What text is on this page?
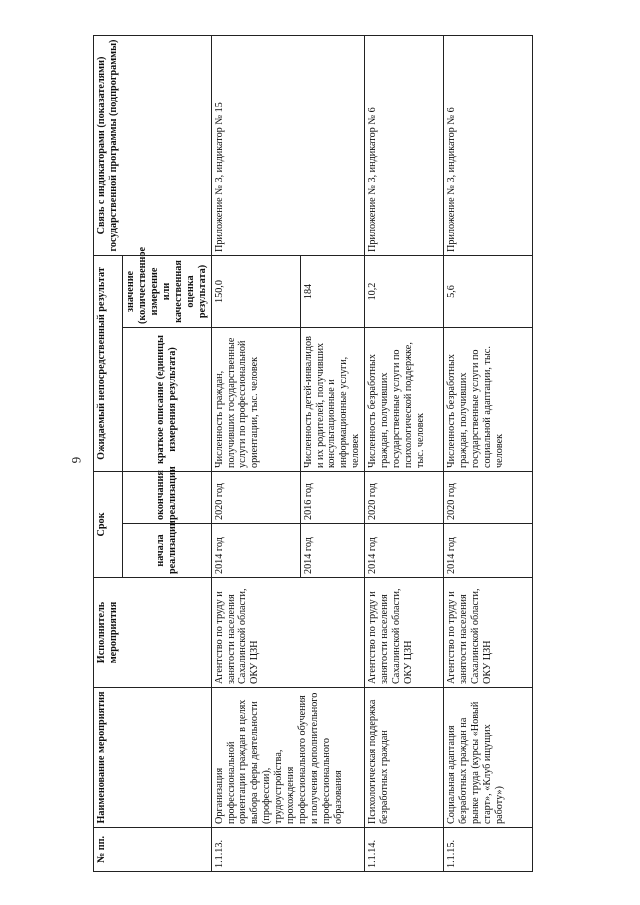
6
№ пп.	Наименование мероприятия	Исполнитель мероприятия	Срок		Ожидаемый непосредственный результат		Связь с индикаторами (показателями) государственной программы (подпрограммы)
			начала реализации	окончания реализации	краткое описание (единицы измерения результата)	значение (количественное измерение или качественная оценка результата)	
1.1.13.	Организация профессиональной ориентации граждан в целях выбора сферы деятельности (профессии), трудоустройства, прохождения профессионального обучения и получения дополнительного профессионального образования	Агентство по труду и занятости населения Сахалинской области, ОКУ ЦЗН	2014 год	2020 год	Численность граждан, получивших государственные услуги по профессиональной ориентации, тыс. человек	150,0	Приложение № 3, индикатор № 15
			2014 год	2016 год	Численность детей-инвалидов и их родителей, получивших консультационные и информационные услуги, человек	184	
1.1.14.	Психологическая поддержка безработных граждан	Агентство по труду и занятости населения Сахалинской области, ОКУ ЦЗН	2014 год	2020 год	Численность безработных граждан, получивших государственные услуги по психологической поддержке, тыс. человек	10,2	Приложение № 3, индикатор № 6
1.1.15.	Социальная адаптация безработных граждан на рынке труда (курсы «Новый старт», «Клуб ищущих работу»)	Агентство по труду и занятости населения Сахалинской области, ОКУ ЦЗН	2014 год	2020 год	Численность безработных граждан, получивших государственные услуги по социальной адаптации, тыс. человек	5,6	Приложение № 3, индикатор № 6
